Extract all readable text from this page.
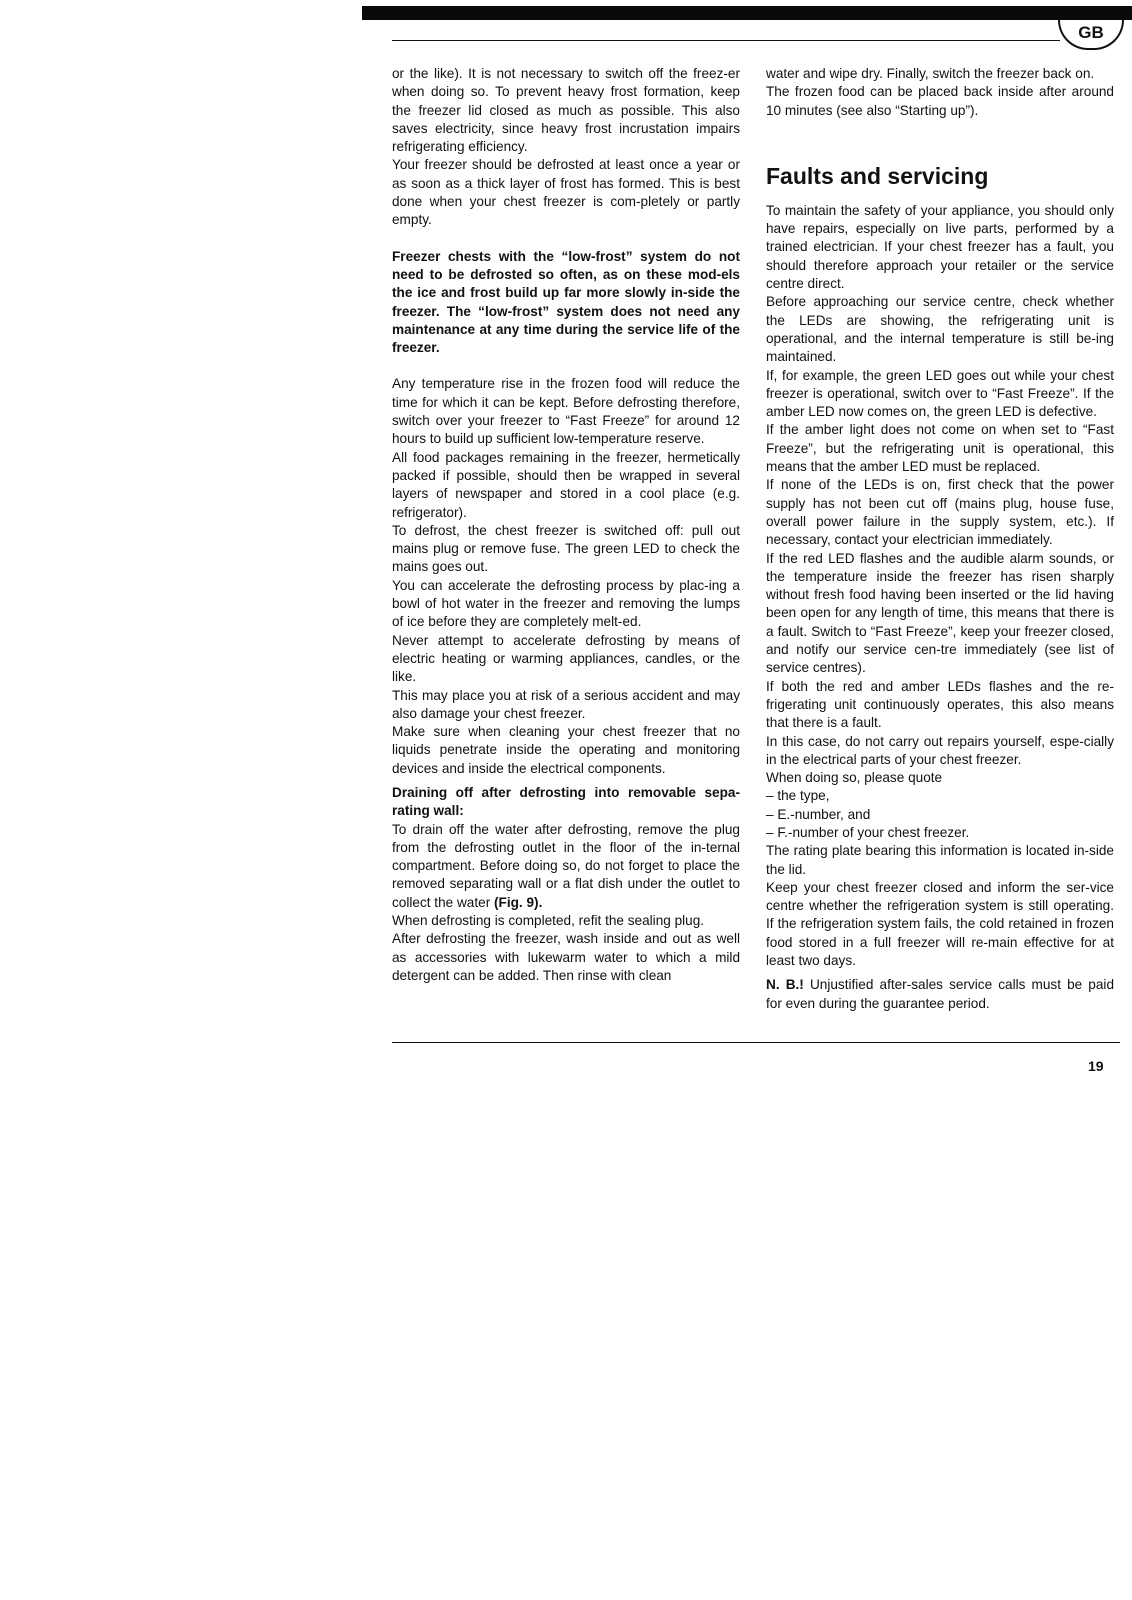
GB

or the like). It is not necessary to switch off the freez-er when doing so. To prevent heavy frost formation, keep the freezer lid closed as much as possible. This also saves electricity, since heavy frost incrustation impairs refrigerating efficiency.

Your freezer should be defrosted at least once a year or as soon as a thick layer of frost has formed. This is best done when your chest freezer is com-pletely or partly empty.

Freezer chests with the “low-frost” system do not need to be defrosted so often, as on these mod-els the ice and frost build up far more slowly in-side the freezer. The “low-frost” system does not need any maintenance at any time during the service life of the freezer.

Any temperature rise in the frozen food will reduce the time for which it can be kept. Before defrosting therefore, switch over your freezer to “Fast Freeze” for around 12 hours to build up sufficient low-temperature reserve.

All food packages remaining in the freezer, hermetically packed if possible, should then be wrapped in several layers of newspaper and stored in a cool place (e.g. refrigerator).

To defrost, the chest freezer is switched off: pull out mains plug or remove fuse. The green LED to check the mains goes out.

You can accelerate the defrosting process by plac-ing a bowl of hot water in the freezer and removing the lumps of ice before they are completely melt-ed.

Never attempt to accelerate defrosting by means of electric heating or warming appliances, candles, or the like.

This may place you at risk of a serious accident and may also damage your chest freezer.

Make sure when cleaning your chest freezer that no liquids penetrate inside the operating and monitoring devices and inside the electrical components.

Draining off after defrosting into removable sepa-rating wall:

To drain off the water after defrosting, remove the plug from the defrosting outlet in the floor of the in-ternal compartment. Before doing so, do not forget to place the removed separating wall or a flat dish under the outlet to collect the water (Fig. 9).

When defrosting is completed, refit the sealing plug.

After defrosting the freezer, wash inside and out as well as accessories with lukewarm water to which a mild detergent can be added. Then rinse with clean

water and wipe dry. Finally, switch the freezer back on.

The frozen food can be placed back inside after around 10 minutes (see also “Starting up”).

Faults and servicing

To maintain the safety of your appliance, you should only have repairs, especially on live parts, performed by a trained electrician. If your chest freezer has a fault, you should therefore approach your retailer or the service centre direct.

Before approaching our service centre, check whether the LEDs are showing, the refrigerating unit is operational, and the internal temperature is still be-ing maintained.

If, for example, the green LED goes out while your chest freezer is operational, switch over to “Fast Freeze”. If the amber LED now comes on, the green LED is defective.

If the amber light does not come on when set to “Fast Freeze”, but the refrigerating unit is operational, this means that the amber LED must be replaced.

If none of the LEDs is on, first check that the power supply has not been cut off (mains plug, house fuse, overall power failure in the supply system, etc.). If necessary, contact your electrician immediately.

If the red LED flashes and the audible alarm sounds, or the temperature inside the freezer has risen sharply without fresh food having been inserted or the lid having been open for any length of time, this means that there is a fault. Switch to “Fast Freeze”, keep your freezer closed, and notify our service cen-tre immediately (see list of service centres).

If both the red and amber LEDs flashes and the re-frigerating unit continuously operates, this also means that there is a fault.

In this case, do not carry out repairs yourself, espe-cially in the electrical parts of your chest freezer.

When doing so, please quote

– the type,
– E.-number, and
– F.-number of your chest freezer.

The rating plate bearing this information is located in-side the lid.

Keep your chest freezer closed and inform the ser-vice centre whether the refrigeration system is still operating. If the refrigeration system fails, the cold retained in frozen food stored in a full freezer will re-main effective for at least two days.

N. B.! Unjustified after-sales service calls must be paid for even during the guarantee period.

19
